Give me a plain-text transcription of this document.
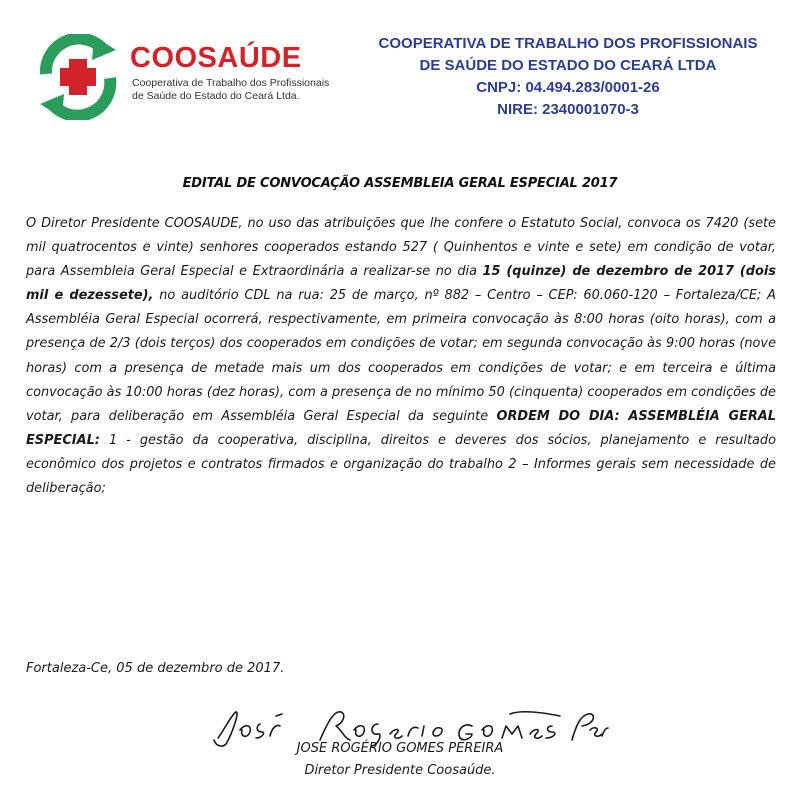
COOSAÚDE
Cooperativa de Trabalho dos Profissionais
de Saúde do Estado do Ceará Ltda.
COOPERATIVA DE TRABALHO DOS PROFISSIONAIS
DE SAÚDE DO ESTADO DO CEARÁ LTDA
CNPJ: 04.494.283/0001-26
NIRE: 2340001070-3
EDITAL DE CONVOCAÇÃO ASSEMBLEIA GERAL ESPECIAL 2017
O Diretor Presidente COOSAUDE, no uso das atribuições que lhe confere o Estatuto Social, convoca os 7420 (sete mil quatrocentos e vinte) senhores cooperados estando 527 ( Quinhentos e vinte e sete) em condição de votar, para Assembleia Geral Especial e Extraordinária a realizar-se no dia 15 (quinze) de dezembro de 2017 (dois mil e dezessete), no auditório CDL na rua: 25 de março, nº 882 – Centro – CEP: 60.060-120 – Fortaleza/CE; A Assembléia Geral Especial ocorrerá, respectivamente, em primeira convocação às 8:00 horas (oito horas), com a presença de 2/3 (dois terços) dos cooperados em condições de votar; em segunda convocação às 9:00 horas (nove horas) com a presença de metade mais um dos cooperados em condições de votar; e em terceira e última convocação às 10:00 horas (dez horas), com a presença de no mínimo 50 (cinquenta) cooperados em condições de votar, para deliberação em Assembléia Geral Especial da seguinte ORDEM DO DIA: ASSEMBLÉIA GERAL ESPECIAL: 1 - gestão da cooperativa, disciplina, direitos e deveres dos sócios, planejamento e resultado econômico dos projetos e contratos firmados e organização do trabalho 2 – Informes gerais sem necessidade de deliberação;
Fortaleza-Ce, 05 de dezembro de 2017.
JOSE ROGÉRIO GOMES PEREIRA
Diretor Presidente Coosaúde.
